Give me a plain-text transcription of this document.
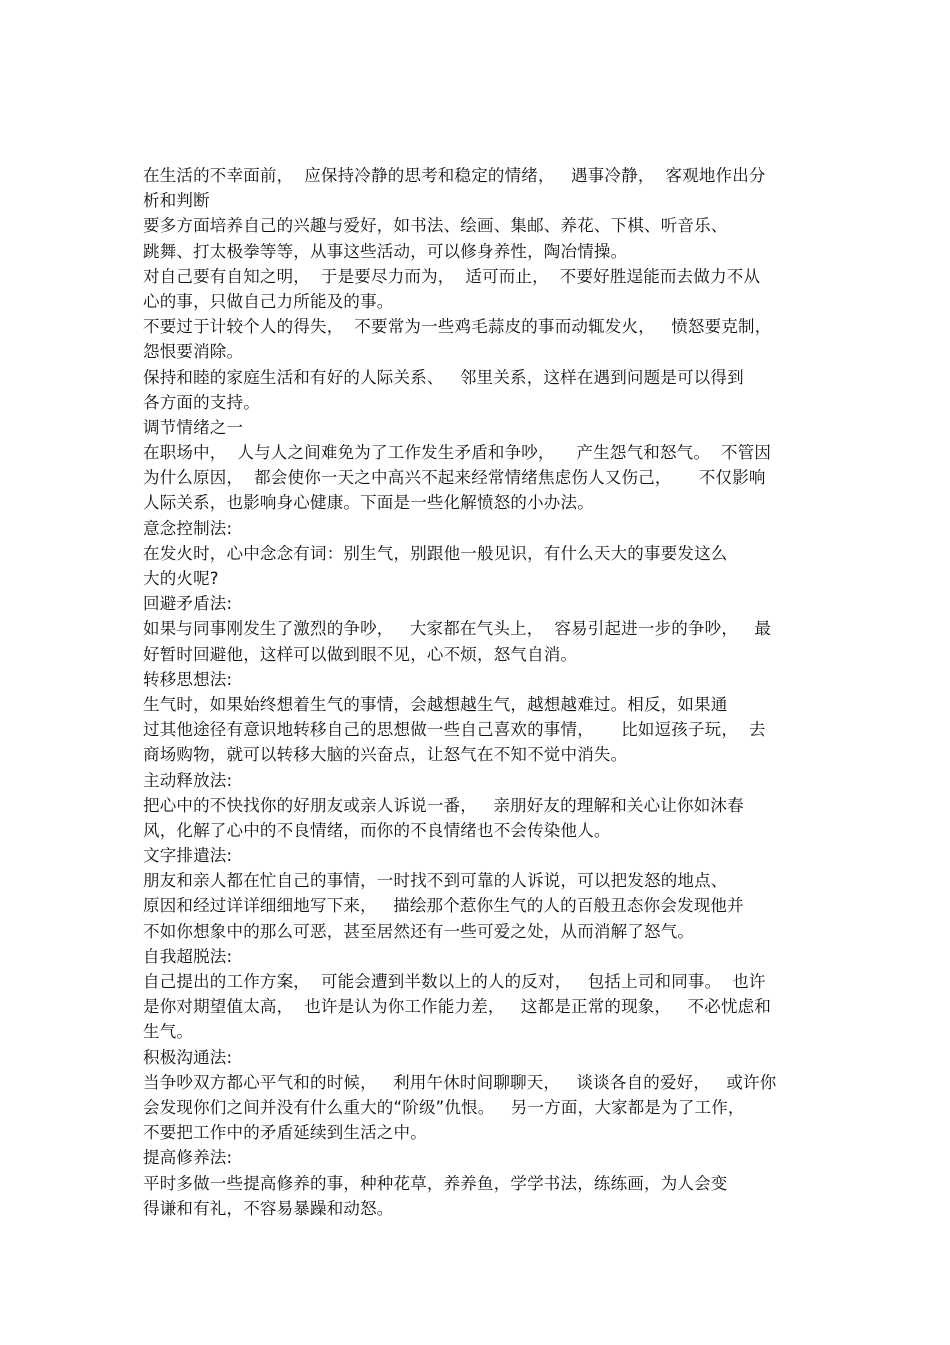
在生活的不幸面前，  应保持冷静的思考和稳定的情绪，   遇事冷静，  客观地作出分
析和判断
要多方面培养自己的兴趣与爱好，如书法、绘画、集邮、养花、下棋、听音乐、
跳舞、打太极拳等等，从事这些活动，可以修身养性，陶冶情操。
对自己要有自知之明，  于是要尽力而为，  适可而止，  不要好胜逞能而去做力不从
心的事，只做自己力所能及的事。
不要过于计较个人的得失，  不要常为一些鸡毛蒜皮的事而动辄发火，   愤怒要克制，
怨恨要消除。
保持和睦的家庭生活和有好的人际关系、   邻里关系，这样在遇到问题是可以得到
各方面的支持。
调节情绪之一
在职场中，  人与人之间难免为了工作发生矛盾和争吵，    产生怨气和怒气。  不管因
为什么原因，  都会使你一天之中高兴不起来经常情绪焦虑伤人又伤己，     不仅影响
人际关系，也影响身心健康。下面是一些化解愤怒的小办法。
意念控制法:
在发火时，心中念念有词：别生气，别跟他一般见识，有什么天大的事要发这么
大的火呢?
回避矛盾法:
如果与同事刚发生了激烈的争吵，   大家都在气头上，  容易引起进一步的争吵，   最
好暂时回避他，这样可以做到眼不见，心不烦，怒气自消。
转移思想法:
生气时，如果始终想着生气的事情，会越想越生气，越想越难过。相反，如果通
过其他途径有意识地转移自己的思想做一些自己喜欢的事情，     比如逗孩子玩，  去
商场购物，就可以转移大脑的兴奋点，让怒气在不知不觉中消失。
主动释放法:
把心中的不快找你的好朋友或亲人诉说一番，   亲朋好友的理解和关心让你如沐春
风，化解了心中的不良情绪，而你的不良情绪也不会传染他人。
文字排遣法:
朋友和亲人都在忙自己的事情，一时找不到可靠的人诉说，可以把发怒的地点、
原因和经过详详细细地写下来，   描绘那个惹你生气的人的百般丑态你会发现他并
不如你想象中的那么可恶，甚至居然还有一些可爱之处，从而消解了怒气。
自我超脱法:
自己提出的工作方案，  可能会遭到半数以上的人的反对，   包括上司和同事。  也许
是你对期望值太高，  也许是认为你工作能力差，   这都是正常的现象，   不必忧虑和
生气。
积极沟通法:
当争吵双方都心平气和的时候，   利用午休时间聊聊天，   谈谈各自的爱好，   或许你
会发现你们之间并没有什么重大的“阶级”仇恨。   另一方面，大家都是为了工作，
不要把工作中的矛盾延续到生活之中。
提高修养法:
平时多做一些提高修养的事，种种花草，养养鱼，学学书法，练练画，为人会变
得谦和有礼，不容易暴躁和动怒。
